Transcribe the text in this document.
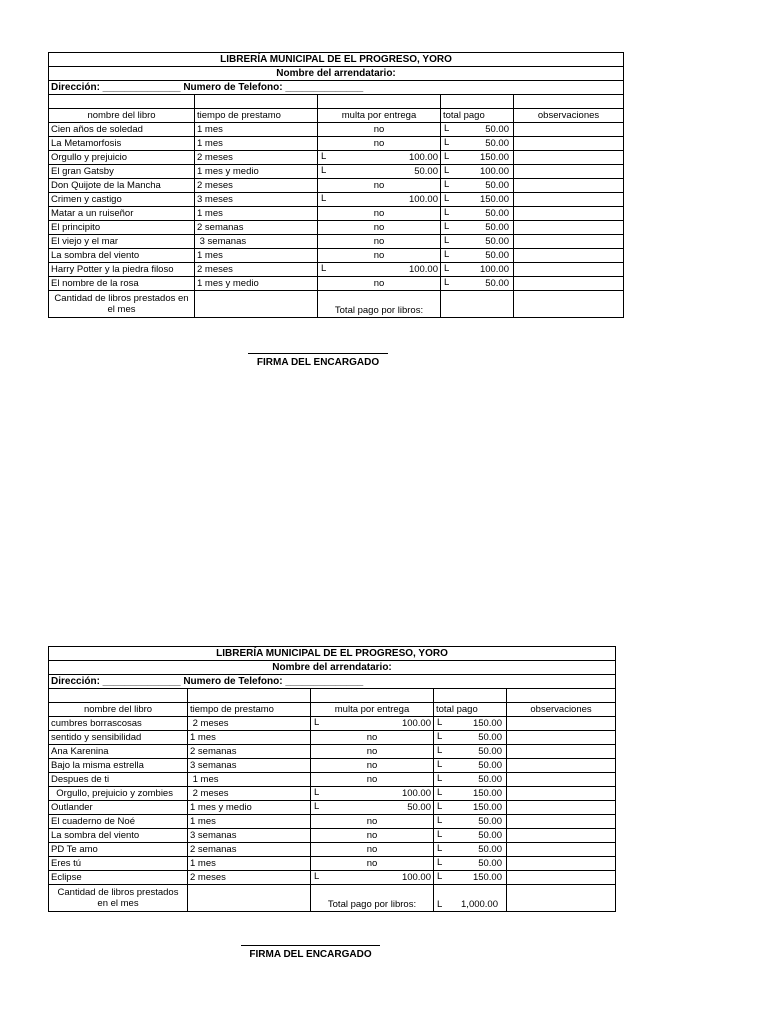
LIBRERÍA MUNICIPAL DE EL PROGRESO, YORO				
Nombre del arrendatario:				
Dirección: ______________ Numero de Telefono: ______________				

nombre del libro	tiempo de prestamo	multa por entrega	total pago	observaciones
Cien años de soledad	1 mes	no	L 50.00	

La Metamorfosis	1 mes	no	L 50.00	

Orgullo y prejuicio	2 meses	L 100.00	L 150.00	

El gran Gatsby	1 mes y medio	L 50.00	L 100.00	

Don Quijote de la Mancha	2 meses	no	L 50.00	

Crimen y castigo	3 meses	L 100.00	L 150.00	

Matar a un ruiseñor	1 mes	no	L 50.00	

El principito	2 semanas	no	L 50.00	

El viejo y el mar	3 semanas	no	L 50.00	

La sombra del viento	1 mes	no	L 50.00	

Harry Potter y la piedra filoso	2 meses	L 100.00	L 100.00	

El nombre de la rosa	1 mes y medio	no	L 50.00	

Cantidad de libros prestados en el mes		Total pago por libros:	

FIRMA DEL ENCARGADO
LIBRERÍA MUNICIPAL DE EL PROGRESO, YORO				
Nombre del arrendatario:				
Dirección: ______________ Numero de Telefono: ______________				

nombre del libro	tiempo de prestamo	multa por entrega	total pago	observaciones
cumbres borrascosas	2 meses	L 100.00	L 150.00	

sentido y sensibilidad	1 mes	no	L 50.00	

Ana Karenina	2 semanas	no	L 50.00	

Bajo la misma estrella	3 semanas	no	L 50.00	

Despues de ti	1 mes	no	L 50.00	

Orgullo, prejuicio y zombies	2 meses	L 100.00	L 150.00	

Outlander	1 mes y medio	L 50.00	L 150.00	

El cuaderno de Noé	1 mes	no	L 50.00	

La sombra del viento	3 semanas	no	L 50.00	

PD Te amo	2 semanas	no	L 50.00	

Eres tú	1 mes	no	L 50.00	

Eclipse	2 meses	L 100.00	L 150.00	

Cantidad de libros prestados en el mes		Total pago por libros:	L 1,000.00	

FIRMA DEL ENCARGADO
